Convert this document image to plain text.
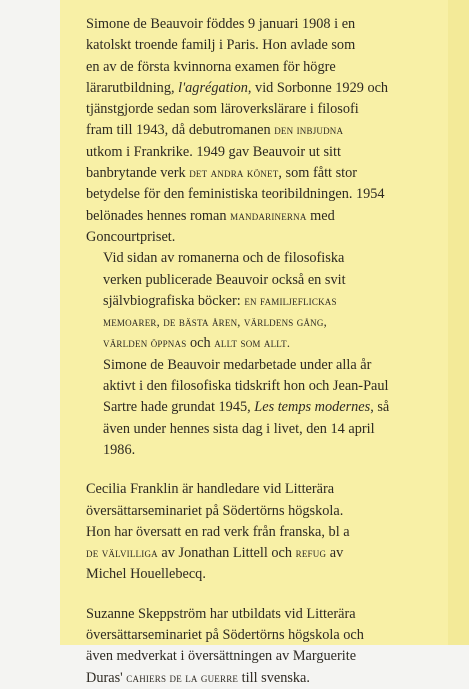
Simone de Beauvoir föddes 9 januari 1908 i en
katolskt troende familj i Paris. Hon avlade som
en av de första kvinnorna examen för högre
lärarutbildning, l'agrégation, vid Sorbonne 1929 och
tjänstgjorde sedan som läroverkslärare i filosofi
fram till 1943, då debutromanen den inbjudna
utkom i Frankrike. 1949 gav Beauvoir ut sitt
banbrytande verk det andra könet, som fått stor
betydelse för den feministiska teoribildningen. 1954
belönades hennes roman mandarinerna med
Goncourtpriset.
Vid sidan av romanerna och de filosofiska
verken publicerade Beauvoir också en svit
självbiografiska böcker: en familjeflickas
memoarer, de bästa åren, världens gång,
världen öppnas och allt som allt.
Simone de Beauvoir medarbetade under alla år
aktivt i den filosofiska tidskrift hon och Jean-Paul
Sartre hade grundat 1945, Les temps modernes, så
även under hennes sista dag i livet, den 14 april
1986.
Cecilia Franklin är handledare vid Litterära
översättarseminariet på Södertörns högskola.
Hon har översatt en rad verk från franska, bl a
de välvilliga av Jonathan Littell och refug av
Michel Houellebecq.
Suzanne Skeppström har utbildats vid Litterära
översättarseminariet på Södertörns högskola och
även medverkat i översättningen av Marguerite
Duras' cahiers de la guerre till svenska.
